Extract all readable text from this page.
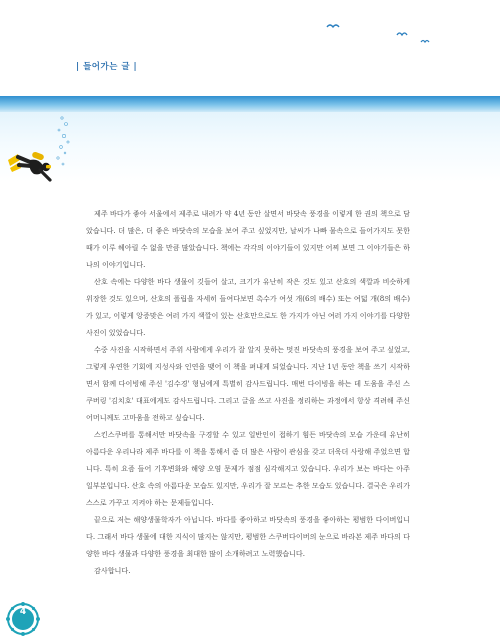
| 들어가는 글 |

제주 바다가 좋아 서울에서 제주로 내려가 약 4년 동안 살면서 바닷속 풍경을 이렇게 한 권의 책으로 담았습니다. 더 많은, 더 좋은 바닷속의 모습을 보여 주고 싶었지만, 날씨가 나빠 물속으로 들어가지도 못한 때가 이루 헤아릴 수 없을 만큼 많았습니다. 책에는 각각의 이야기들이 있지만 어찌 보면 그 이야기들은 하나의 이야기입니다.

산호 속에는 다양한 바다 생물이 깃들어 살고, 크기가 유난히 작은 것도 있고 산호의 색깔과 비슷하게 위장한 것도 있으며, 산호의 폴립을 자세히 들여다보면 촉수가 여섯 개(6의 배수) 또는 여덟 개(8의 배수)가 있고, 이렇게 앙증맞은 여러 가지 색깔이 있는 산호만으로도 한 가지가 아닌 여러 가지 이야기를 다양한 사진이 있었습니다.

수중 사진을 시작하면서 주위 사람에게 우리가 잘 알지 못하는 멋진 바닷속의 풍경을 보여 주고 싶었고, 그렇게 우연한 기회에 지성사와 인연을 맺어 이 책을 펴내게 되었습니다. 지난 1년 동안 책을 쓰기 시작하면서 함께 다이빙해 주신 '김수경' 형님에게 특별히 감사드립니다. 매번 다이빙을 하는 데 도움을 주신 스쿠버링 '김치호' 대표에게도 감사드립니다. 그리고 글을 쓰고 사진을 정리하는 과정에서 항상 격려해 주신 어머니께도 고마움을 전하고 싶습니다.

스킨스쿠버를 통해서만 바닷속을 구경할 수 있고 일반인이 접하기 힘든 바닷속의 모습 가운데 유난히 아름다운 우리나라 제주 바다를 이 책을 통해서 좀 더 많은 사람이 관심을 갖고 더욱더 사랑해 주었으면 합니다. 특히 요즘 들어 기후변화와 해양 오염 문제가 점점 심각해지고 있습니다. 우리가 보는 바다는 아주 일부분입니다. 산호 속의 아름다운 모습도 있지만, 우리가 잘 모르는 추한 모습도 있습니다. 결국은 우리가 스스로 가꾸고 지켜야 하는 문제들입니다.

끝으로 저는 해양생물학자가 아닙니다. 바다를 좋아하고 바닷속의 풍경을 좋아하는 평범한 다이버입니다. 그래서 바다 생물에 대한 지식이 많지는 않지만, 평범한 스쿠버다이버의 눈으로 바라본 제주 바다의 다양한 바다 생물과 다양한 풍경을 최대한 많이 소개하려고 노력했습니다.

감사합니다.

4
